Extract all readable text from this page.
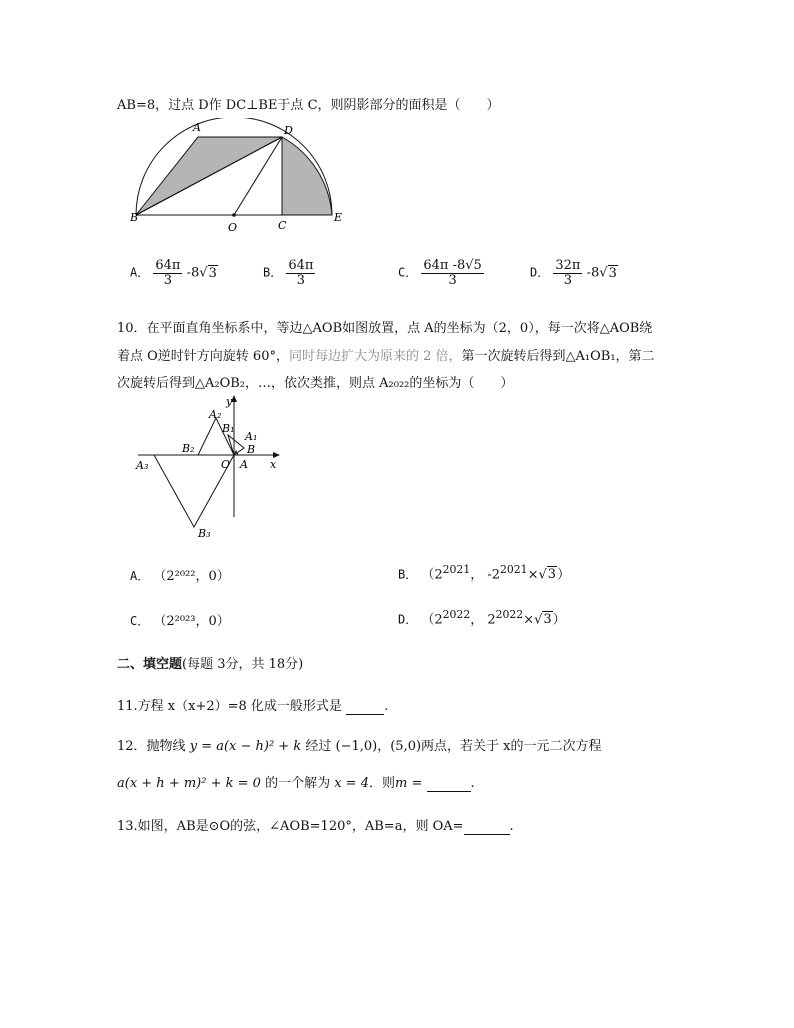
AB=8，过点 D作 DC⊥BE于点 C，则阴影部分的面积是（　　）
A	D
B
O	C
E
A． $\frac{64\pi}{3} -8√3$	B． $\frac{64\pi}{3}$	C． $\frac{64\pi -8√5}{3}$	D． $\frac{32\pi}{3} -8√3$
10．在平面直角坐标系中，等边△AOB如图放置，点 A的坐标为（2，0），每一次将△AOB绕
着点 O逆时针方向旋转 60°，同时每边扩大为原来的 2 倍，第一次旋转后得到△A₁OB₁，第二
次旋转后得到△A₂OB₂，…，依次类推，则点 A₂₀₂₂的坐标为（　　）
y
x
A₂
B₁
A₁
B
B₂
O A
A₃
B₃
A． （2²⁰²²，0）	B． （$2^{2021}$， $-2^{2021}\times√3$）
C． （2²⁰²³，0）	D． （$2^{2022}$， $2^{2022}\times√3$）
二、填空题(每题 3分，共 18分)
11.方程 x（x+2）=8 化成一般形式是	.
12．抛物线 y = a(x − h)² + k 经过 (−1,0)，(5,0)两点，若关于 x的一元二次方程
a(x + h + m)² + k = 0 的一个解为 x = 4．则m =	.
13.如图，AB是⊙O的弦，∠AOB=120°，AB=a，则 OA=	.
